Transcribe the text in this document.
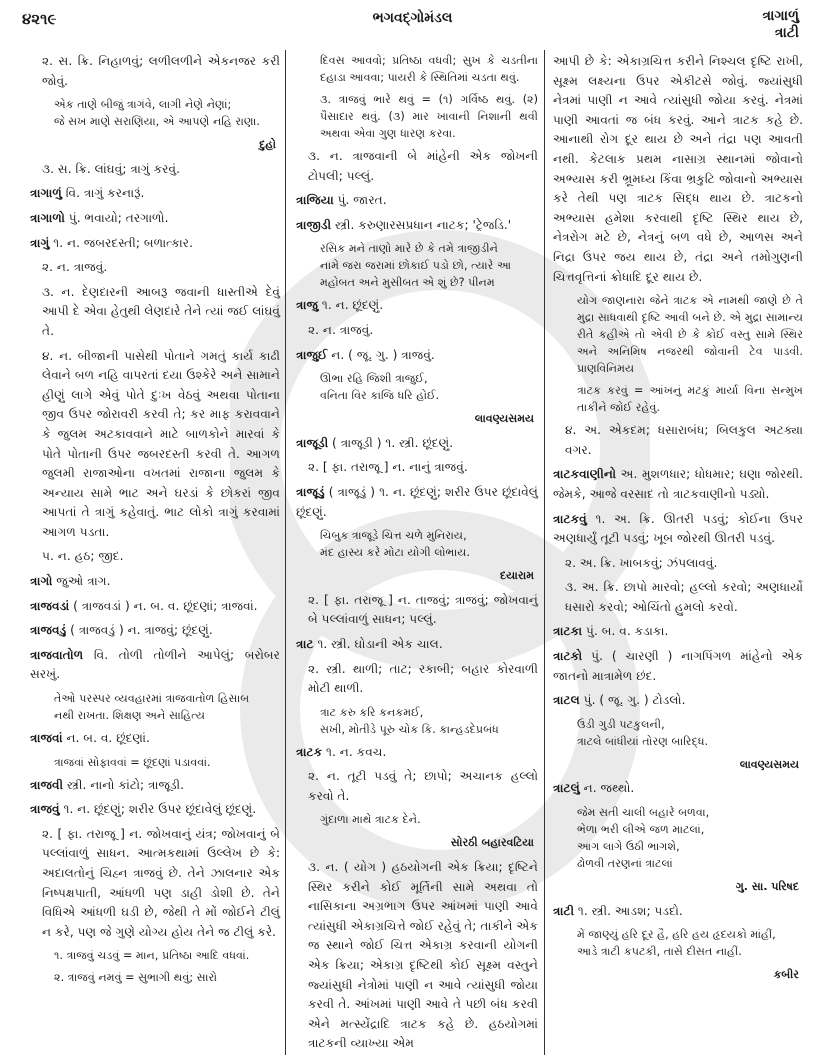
૪૨૧૯	ભગવદ્ગોમંડલ	ત્રાગાળું
ત્રાટી
૨. સ. ક્રિ. નિહાળવું; લળીલળીને એકનજર કરી જોવું.
એક તાણે બીજું ત્રાગંવે, લાગી નેણે નેણાં;
જે સખ માણે સરાણિયા, એ આપણે નહિ રાણા.
દુહો
૩. સ. ક્રિ. લાંઘવું; ત્રાગું કરવું.
ત્રાગાળું વિ. ત્રાગું કરનારૂં.
ત્રાગાળો પું. ભવાયો; તરગાળો.
ત્રાગું ૧. ન. જબરદસ્તી; બળાત્કાર.
૨. ન. ત્રાજવું.
૩. ન. દેણદારની આબરૂ જવાની ધાસ્તીએ દેવું આપી દે એવા હેતુથી લેણદારે તેને ત્યાં જઈ લાંઘવું તે.
૪. ન. બીજાની પાસેથી પોતાને ગમતું કાર્ય કાઢી લેવાને બળ નહિ વાપરતાં દયા ઉશ્કેરે અને સામાને હીણું લાગે એવું પોતે દુઃખ વેઠવું અથવા પોતાના જીવ ઉપર જોરાવરી કરવી તે; કર માફ કરાવવાને કે જુલમ અટકાવવાને માટે બાળકોને મારવાં કે પોતે પોતાની ઉપર જબરદસ્તી કરવી તે. આગળ જુલમી રાજાઓના વખતમાં રાજાના જુલમ કે અન્યાય સામે ભાટ અને ઘરડાં કે છોકરાં જીવ આપતાં તે ત્રાગું કહેવાતું. ભાટ લોકો ત્રાગું કરવામાં આગળ પડતા.
૫. ન. હઠ; જીદ.
ત્રાગો જુઓ ત્રાગ.
ત્રાજવડાં ( ત્રાજવડાં ) ન. બ. વ. છૂંદણાં; ત્રાજવાં.
ત્રાજવડું ( ત્રાજવડું ) ન. ત્રાજવું; છૂંદણું.
ત્રાજવાતોળ વિ. તોળી તોળીને આપેલું; બરોબર સરખું.
તેઓ પરસ્પર વ્યવહારમાં ત્રાજવાતોળ હિસાબ
નથી રાખતા. શિક્ષણ અને સાહિત્ય
ત્રાજવાં ન. બ. વ. છૂંદણાં.
ત્રાજવાં સોફાવવાં = છૂંદણાં પડાવવાં.
ત્રાજવી સ્ત્રી. નાનો કાંટો; ત્રાજૂડી.
ત્રાજવું ૧. ન. છૂંદણું; શરીર ઉપર છૂંદાવેલું છૂંદણું.
૨. [ ફા. તરાજૂ ] ન. જોખવાનું યંત્ર; જોખવાનું બે પલ્લાંવાળું સાધન. આત્મકથામાં ઉલ્લેખ છે કે: અદાલતોનું ચિહ્ન ત્રાજવું છે. તેને ઝાલનાર એક નિષ્પક્ષપાતી, આંધળી પણ ડાહી ડોશી છે. તેને વિધિએ આંધળી ઘડી છે, જેથી તે મોં જોઈને ટીલું ન કરે, પણ જે ગુણે યોગ્ય હોય તેને જ ટીલું કરે.
૧. ત્રાજવું ચડવું = માન, પ્રતિષ્ઠા આદિ વધવાં.
૨. ત્રાજવું નમવું = સુભાગી થવું; સારો
દિવસ આવવો; પ્રતિષ્ઠા વધવી; સુખ કે ચડતીના દહાડા આવવા; પાયરી કે સ્થિતિમાં ચડતા થવું.
૩. ત્રાજવું ભારે થવું = (૧) ગર્વિષ્ઠ થવું. (૨) પૈસાદાર થવું. (૩) માર ખાવાની નિશાની થવી અથવા એવા ગુણ ધારણ કરવા.
૩. ન. ત્રાજવાની બે માંહેની એક જોખની ટોપલી; પલ્લું.
ત્રાજિયા પું. જારત.
ત્રાજીડી સ્ત્રી. કરુણારસપ્રધાન નાટક; 'ટ્રેજડિ.'
રસિક મને તાણો મારે છે કે તમે ત્રાજીડીને
નામે જરા જરામાં છોકાઈ પડો છો, ત્યારે આ
મહોબત અને મુસીબત એ શું છે? પીનમ
ત્રાજુ ૧. ન. છૂંદણું.
૨. ન. ત્રાજવું.
ત્રાજુઈ ન. ( જૂ. ગુ. ) ત્રાજવું.
ઊભા રહિ જિશી ત્રાજુઈ,
વનિતા વિર કાજિ ધરિ હોઈ.
લાવણ્યસમય
ત્રાજૂડી ( ત્રાજૂડી ) ૧. સ્ત્રી. છૂંદણું.
૨. [ ફા. તરાજૂ ] ન. નાનું ત્રાજવું.
ત્રાજૂડું ( ત્રાજૂડું ) ૧. ન. છૂંદણું; શરીર ઉપર છૂંદાવેલું છૂંદણું.
ચિબુક ત્રાજૂડે ચિત્ત ચળે મુનિરાય,
મંદ હાસ્ય કરે મોટા યોગી લોભાય.
દયારામ
૨. [ ફા. તરાજૂ ] ન. તાજવું; ત્રાજવું; જોખવાનું બે પલ્લાંવાળું સાધન; પલ્લું.
ત્રાટ ૧. સ્ત્રી. ઘોડાની એક ચાલ.
૨. સ્ત્રી. થાળી; તાટ; રકાબી; બહાર કોરવાળી મોટી થાળી.
ત્રાટ કરુ કરિ કનકમઈ,
સખી, મોતીડે પૂરુ ચોક કિ. કાન્હડદેપ્રબંધ
ત્રાટક ૧. ન. કવચ.
૨. ન. તૂટી પડવું તે; છાપો; અચાનક હલ્લો કરવો તે.
ગુંદાળા માથે ત્રાટક દેને.
સોરઠી બહારવટિયા
૩. ન. ( યોગ ) હઠયોગની એક ક્રિયા; દૃષ્ટિને સ્થિર કરીને કોઈ મૂર્તિની સામે અથવા તો નાસિકાના અગ્રભાગ ઉપર આંખમાં પાણી આવે ત્યાંસુધી એકાગ્રચિત્તે જોઈ રહેવું તે; તાકીને એક જ સ્થાને જોઈ ચિત્ત એકાગ્ર કરવાની યોગની એક ક્રિયા; એકાગ્ર દૃષ્ટિથી કોઈ સૂક્ષ્મ વસ્તુને જ્યાંસુધી નેત્રોમાં પાણી ન આવે ત્યાંસુધી જોયા કરવી તે. આંખમાં પાણી આવે તે પછી બંધ કરવી એને મત્સ્યેંદ્રાદિ ત્રાટક કહે છે. હઠયોગમાં ત્રાટકની વ્યાખ્યા એમ
આપી છે કે: એકાગ્રચિત્ત કરીને નિશ્ચલ દૃષ્ટિ રાખી, સૂક્ષ્મ લક્ષ્યના ઉપર એકીટસે જોવું. જ્યાંસુધી નેત્રમાં પાણી ન આવે ત્યાંસુધી જોયા કરવું. નેત્રમાં પાણી આવતાં જ બંધ કરવું. આને ત્રાટક કહે છે. આનાથી રોગ દૂર થાય છે અને તંદ્રા પણ આવતી નથી. કેટલાક પ્રથમ નાસાગ્ર સ્થાનમાં જોવાનો અભ્યાસ કરી ભ્રૂમધ્ય કિંવા ભ્રકુટિ જોવાનો અભ્યાસ કરે તેથી પણ ત્રાટક સિદ્ધ થાય છે. ત્રાટકનો અભ્યાસ હમેશા કરવાથી દૃષ્ટિ સ્થિર થાય છે, નેત્રરોગ મટે છે, નેત્રનું બળ વધે છે, આળસ અને નિદ્રા ઉપર જય થાય છે, તંદ્રા અને તમોગુણની ચિત્તવૃત્તિનાં ક્રોધાદિ દૂર થાય છે.
યોગ જાણનારા જેને ત્રાટક એ નામથી જાણે છે તે મુદ્રા સાધવાથી દૃષ્ટિ આવી બને છે. એ મુદ્રા સામાન્ય રીતે કહીએ તો એવી છે કે કોઈ વસ્તુ સામે સ્થિર અને અનિમિષ નજરથી જોવાની ટેવ પાડવી. પ્રાણવિનિમય
ત્રાટક કરવું = આંખનું મટકું માર્યા વિના સન્મુખ તાકીને જોઈ રહેવું.
૪. અ. એકદમ; ધસારાબંધ; બિલકુલ અટક્યા વગર.
ત્રાટકવાણીનો અ. મુશળધાર; ધોધમાર; ઘણા જોરથી. જેમકે, આજે વરસાદ તો ત્રાટકવાણીનો પડ્યો.
ત્રાટકવું ૧. અ. ક્રિ. ઊતરી પડવું; કોઈના ઉપર અણધાર્યું તૂટી પડવું; ખૂબ જોરથી ઊતરી પડવું.
૨. અ. ક્રિ. ખાબકવું; ઝંપલાવવું.
૩. અ. ક્રિ. છાપો મારવો; હલ્લો કરવો; અણધાર્યો ધસારો કરવો; ઓચિંતો હુમલો કરવો.
ત્રાટકા પું. બ. વ. કડાકા.
ત્રાટકો પું. ( ચારણી ) નાગપિંગળ માંહેનો એક જાતનો માત્રામેળ છંદ.
ત્રાટલ પું. ( જૂ. ગુ. ) ટોડલો.
ઉડી ગુડી પટકુલની,
ત્રાટલે બાંધીયાં તોરણ બારિદ્ધ.
લાવણ્યસમય
ત્રાટલું ન. જથ્થો.
જેમ સતી ચાલી બહારે બળવા,
ભેળા ભરી લીએ જળ માટલાં,
આગ લાગે ઉઠી ભાગશે,
ઢોળવી તરણનાં ત્રાટલાં
ગુ. સા. પરિષદ
ત્રાટી ૧. સ્ત્રી. આડશ; પડદો.
મેં જાણ્યું હરિ દૂર હૈ, હરિ હય હૃદયકો માંહીં,
આડે ત્રાટી કપટકી, તાસે દીસત નાહીં.
કબીર
